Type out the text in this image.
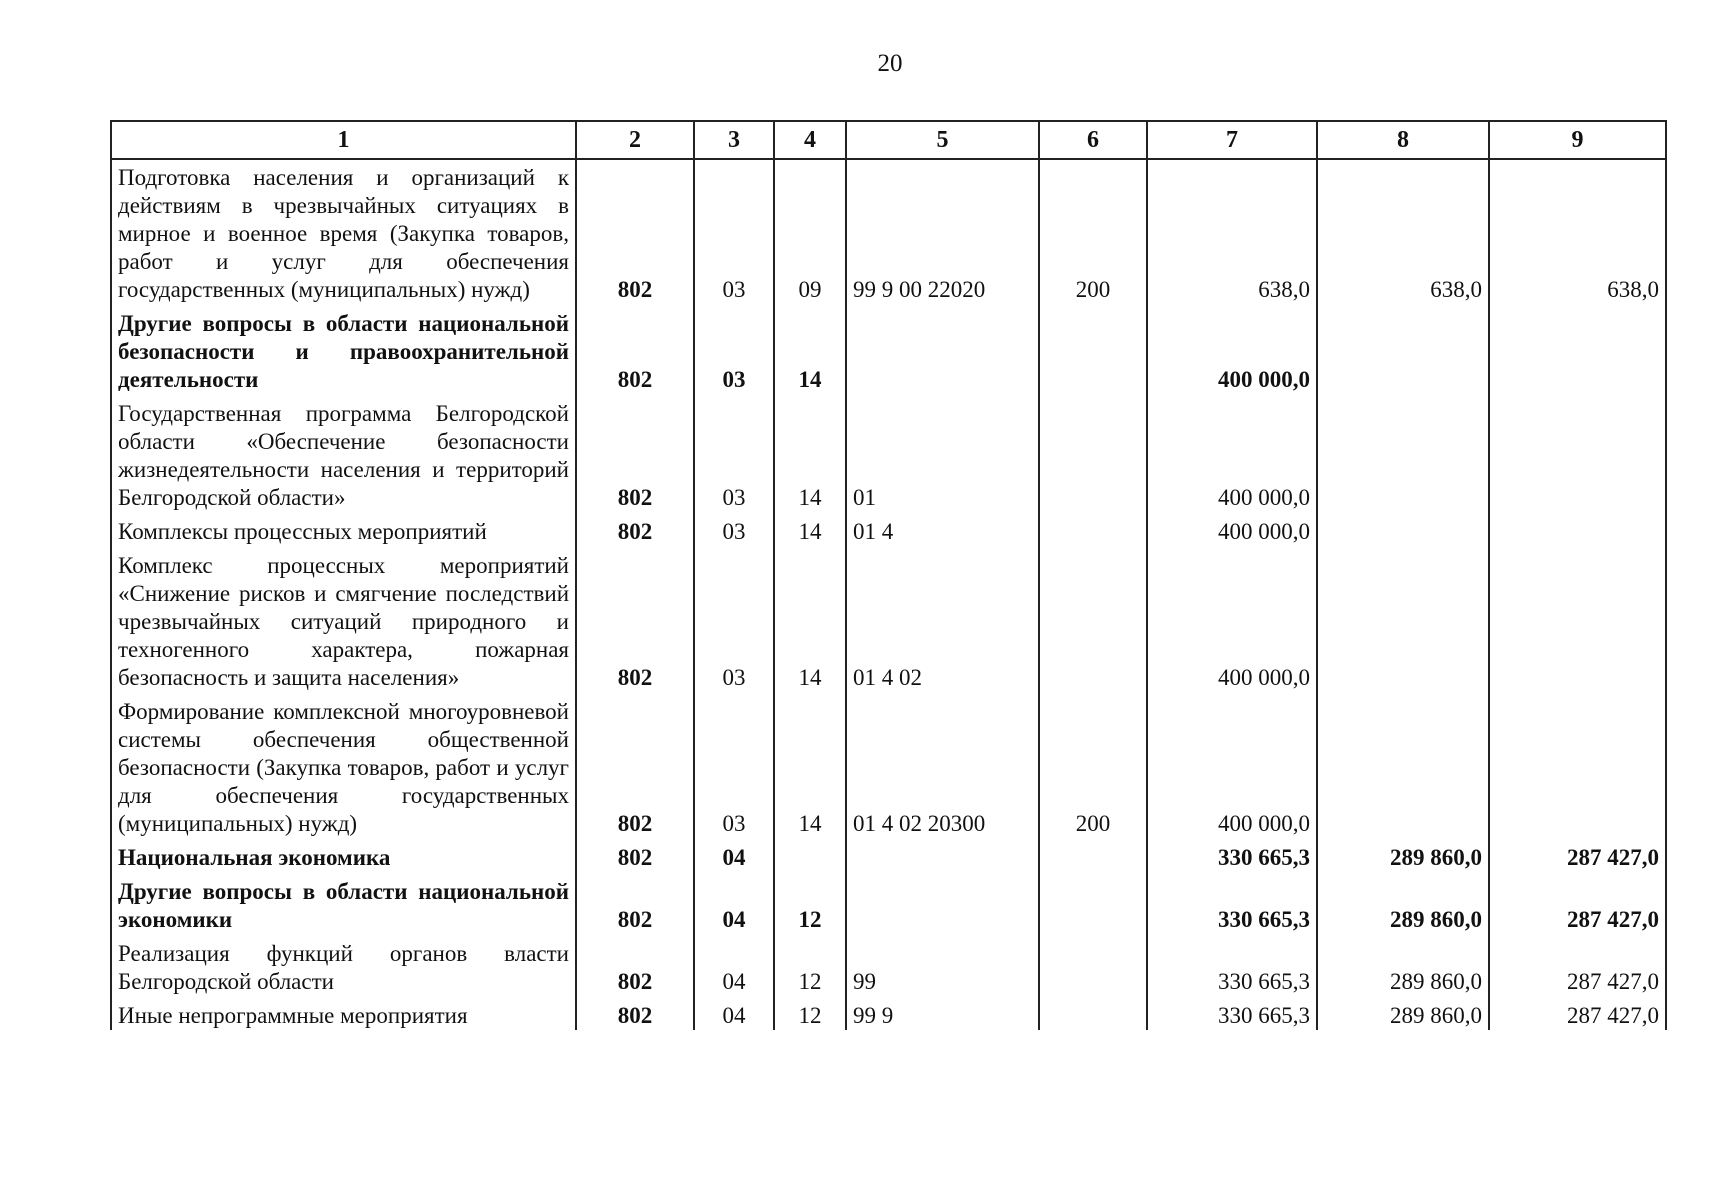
20
1	2	3	4	5	6	7	8	9
Подготовка населения и организаций к действиям в чрезвычайных ситуациях в мирное и военное время (Закупка товаров, работ и услуг для обеспечения государственных (муниципальных) нужд)	802	03	09	99 9 00 22020	200	638,0	638,0	638,0
Другие вопросы в области национальной безопасности и правоохранительной деятельности	802	03	14			400 000,0		
Государственная программа Белгородской области «Обеспечение безопасности жизнедеятельности населения и территорий Белгородской области»	802	03	14	01		400 000,0		
Комплексы процессных мероприятий	802	03	14	01 4		400 000,0		
Комплекс процессных мероприятий «Снижение рисков и смягчение последствий чрезвычайных ситуаций природного и техногенного характера, пожарная безопасность и защита населения»	802	03	14	01 4 02		400 000,0		
Формирование комплексной многоуровневой системы обеспечения общественной безопасности (Закупка товаров, работ и услуг для обеспечения государственных (муниципальных) нужд)	802	03	14	01 4 02 20300	200	400 000,0		
Национальная экономика	802	04				330 665,3	289 860,0	287 427,0
Другие вопросы в области национальной экономики	802	04	12			330 665,3	289 860,0	287 427,0
Реализация функций органов власти Белгородской области	802	04	12	99		330 665,3	289 860,0	287 427,0
Иные непрограммные мероприятия	802	04	12	99 9		330 665,3	289 860,0	287 427,0
